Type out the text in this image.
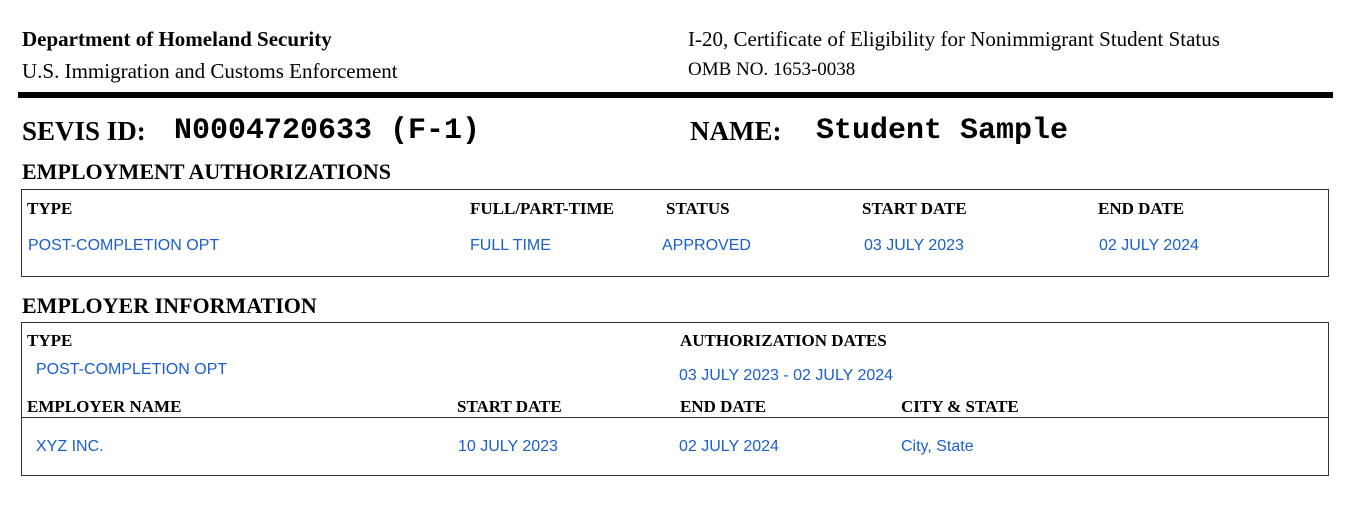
Department of Homeland Security
U.S. Immigration and Customs Enforcement
I-20, Certificate of Eligibility for Nonimmigrant Student Status
OMB NO. 1653-0038
SEVIS ID: N0004720633 (F-1)	NAME: Student Sample
EMPLOYMENT AUTHORIZATIONS
TYPE	FULL/PART-TIME	STATUS	START DATE	END DATE
POST-COMPLETION OPT	FULL TIME	APPROVED	03 JULY 2023	02 JULY 2024
EMPLOYER INFORMATION
TYPE
POST-COMPLETION OPT
AUTHORIZATION DATES
03 JULY 2023 - 02 JULY 2024
EMPLOYER NAME	START DATE	END DATE	CITY & STATE
XYZ INC.	10 JULY 2023	02 JULY 2024	City, State
